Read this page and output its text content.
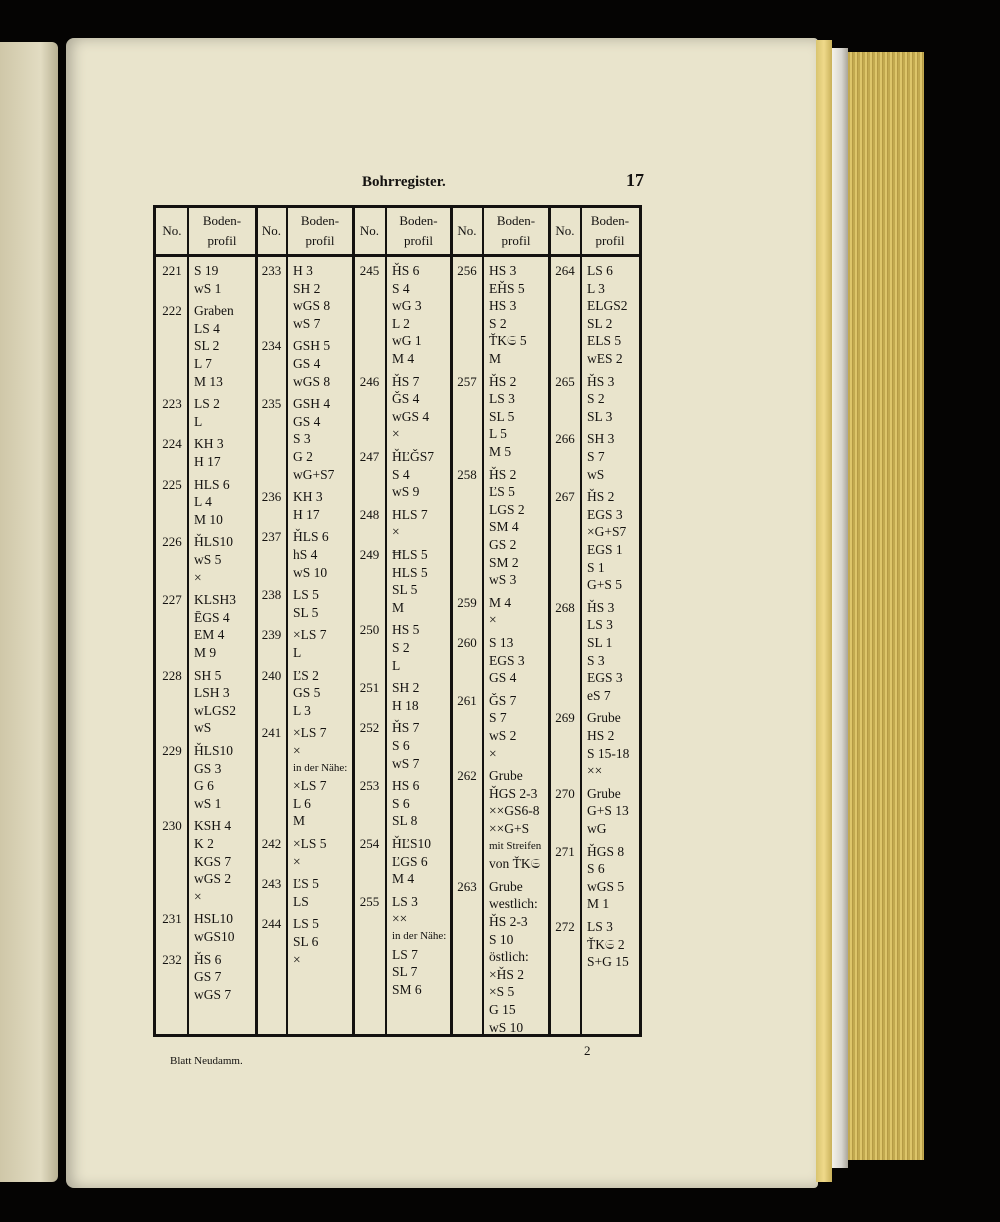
Bohrregister.	17
No.
Boden-
profil
No.
Boden-
profil
No.
Boden-
profil
No.
Boden-
profil
No.
Boden-
profil
221 S 19
wS 1
222 Graben
LS 4
SL 2
L 7
M 13
223 LS 2
L
224 KH 3
H 17
225 HLS 6
L 4
M 10
226 ȞLS10
wS 5
×
227 KLSH3
ĒGS 4
EM 4
M 9
228 SH 5
LSH 3
wLGS2
wS
229 ȞLS10
GS 3
G 6
wS 1
230 KSH 4
K 2
KGS 7
wGS 2
×
231 HSL10
wGS10
232 ȞS 6
GS 7
wGS 7
233 H 3
SH 2
wGS 8
wS 7
234 GSH 5
GS 4
wGS 8
235 GSH 4
GS 4
S 3
G 2
wG+S7
236 KH 3
H 17
237 ȞLS 6
hS 4
wS 10
238 LS 5
SL 5
239 ×LS 7
L
240 ĽS 2
GS 5
L 3
241 ×LS 7
×
in der Nähe:
×LS 7
L 6
M
242 ×LS 5
×
243 ĽS 5
LS
244 LS 5
SL 6
×
245 ȞS 6
S 4
wG 3
L 2
wG 1
M 4
246 ȞS 7
ǦS 4
wGS 4
×
247 ȞĽǦS7
S 4
wS 9
248 HLS 7
×
249 ĦLS 5
HLS 5
SL 5
M
250 HS 5
S 2
L
251 SH 2
H 18
252 ȞS 7
S 6
wS 7
253 HS 6
S 6
SL 8
254 ȞĽS10
ĽGS 6
M 4
255 LS 3
××
in der Nähe:
LS 7
SL 7
SM 6
256 HS 3
EȞS 5
HS 3
S 2
ŤK𝔖 5
M
257 ȞS 2
LS 3
SL 5
L 5
M 5
258 ȞS 2
ĽS 5
LGS 2
SM 4
GS 2
SM 2
wS 3
259 M 4
×
260 S 13
EGS 3
GS 4
261 ǦS 7
S 7
wS 2
×
262 Grube
ȞGS 2-3
××GS6-8
××G+S
mit Streifen
von ŤK𝔖
263 Grube
westlich:
ȞS 2-3
S 10
östlich:
×ȞS 2
×S 5
G 15
wS 10
264 LS 6
L 3
ELGS2
SL 2
ELS 5
wES 2
265 ȞS 3
S 2
SL 3
266 SH 3
S 7
wS
267 ȞS 2
EGS 3
×G+S7
EGS 1
S 1
G+S 5
268 ȞS 3
LS 3
SL 1
S 3
EGS 3
eS 7
269 Grube
HS 2
S 15-18
××
270 Grube
G+S 13
wG
271 ȞGS 8
S 6
wGS 5
M 1
272 LS 3
ŤK𝔖 2
S+G 15
Blatt Neudamm.
2
